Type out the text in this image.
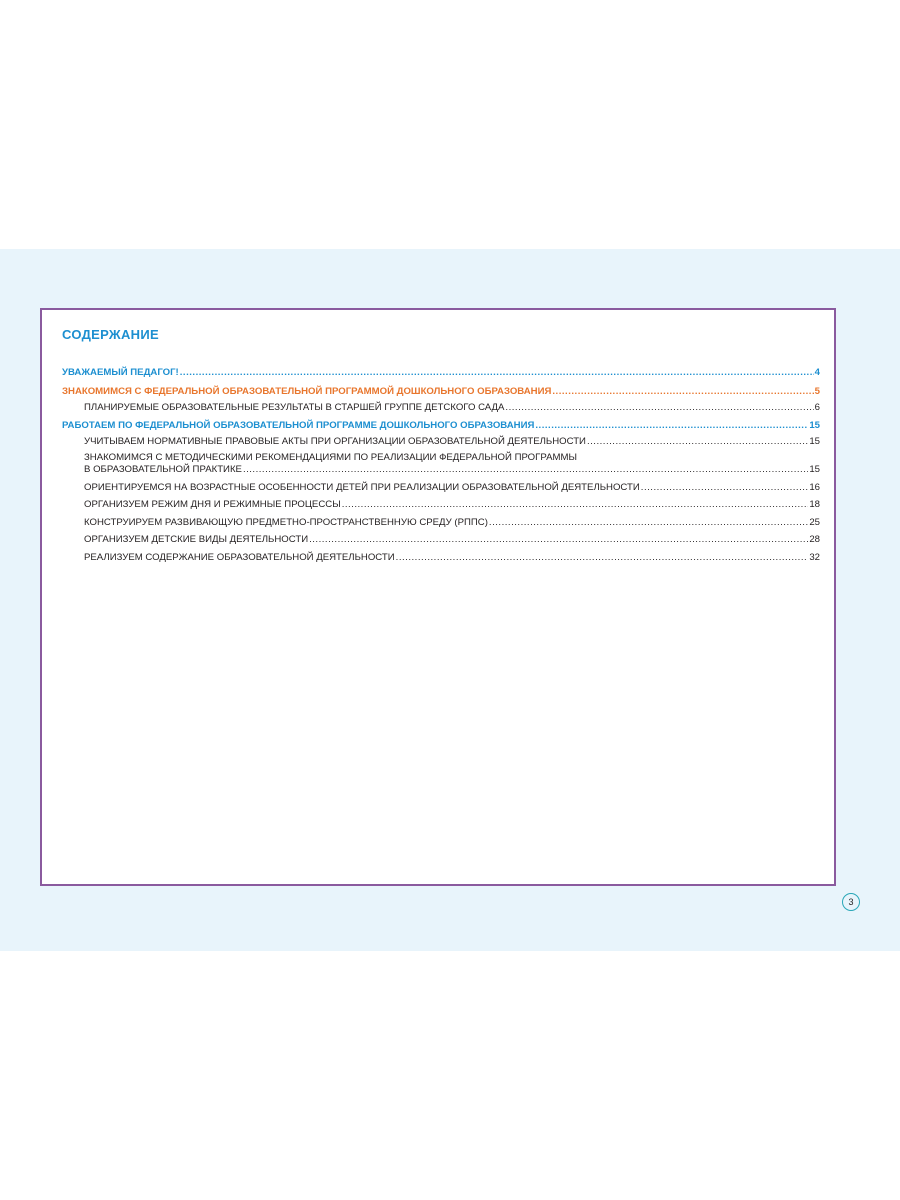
СОДЕРЖАНИЕ
УВАЖАЕМЫЙ ПЕДАГОГ! .....	4
ЗНАКОМИМСЯ С ФЕДЕРАЛЬНОЙ ОБРАЗОВАТЕЛЬНОЙ ПРОГРАММОЙ ДОШКОЛЬНОГО ОБРАЗОВАНИЯ .....	5
ПЛАНИРУЕМЫЕ ОБРАЗОВАТЕЛЬНЫЕ РЕЗУЛЬТАТЫ В СТАРШЕЙ ГРУППЕ ДЕТСКОГО САДА .....	6
РАБОТАЕМ ПО ФЕДЕРАЛЬНОЙ ОБРАЗОВАТЕЛЬНОЙ ПРОГРАММЕ ДОШКОЛЬНОГО ОБРАЗОВАНИЯ .....	15
УЧИТЫВАЕМ НОРМАТИВНЫЕ ПРАВОВЫЕ АКТЫ ПРИ ОРГАНИЗАЦИИ ОБРАЗОВАТЕЛЬНОЙ ДЕЯТЕЛЬНОСТИ .....	15
ЗНАКОМИМСЯ С МЕТОДИЧЕСКИМИ РЕКОМЕНДАЦИЯМИ ПО РЕАЛИЗАЦИИ ФЕДЕРАЛЬНОЙ ПРОГРАММЫ
В ОБРАЗОВАТЕЛЬНОЙ ПРАКТИКЕ .....	15
ОРИЕНТИРУЕМСЯ НА ВОЗРАСТНЫЕ ОСОБЕННОСТИ ДЕТЕЙ ПРИ РЕАЛИЗАЦИИ ОБРАЗОВАТЕЛЬНОЙ ДЕЯТЕЛЬНОСТИ .....	16
ОРГАНИЗУЕМ РЕЖИМ ДНЯ И РЕЖИМНЫЕ ПРОЦЕССЫ .....	18
КОНСТРУИРУЕМ РАЗВИВАЮЩУЮ ПРЕДМЕТНО-ПРОСТРАНСТВЕННУЮ СРЕДУ (РППС) .....	25
ОРГАНИЗУЕМ ДЕТСКИЕ ВИДЫ ДЕЯТЕЛЬНОСТИ .....	28
РЕАЛИЗУЕМ СОДЕРЖАНИЕ ОБРАЗОВАТЕЛЬНОЙ ДЕЯТЕЛЬНОСТИ .....	32
3
